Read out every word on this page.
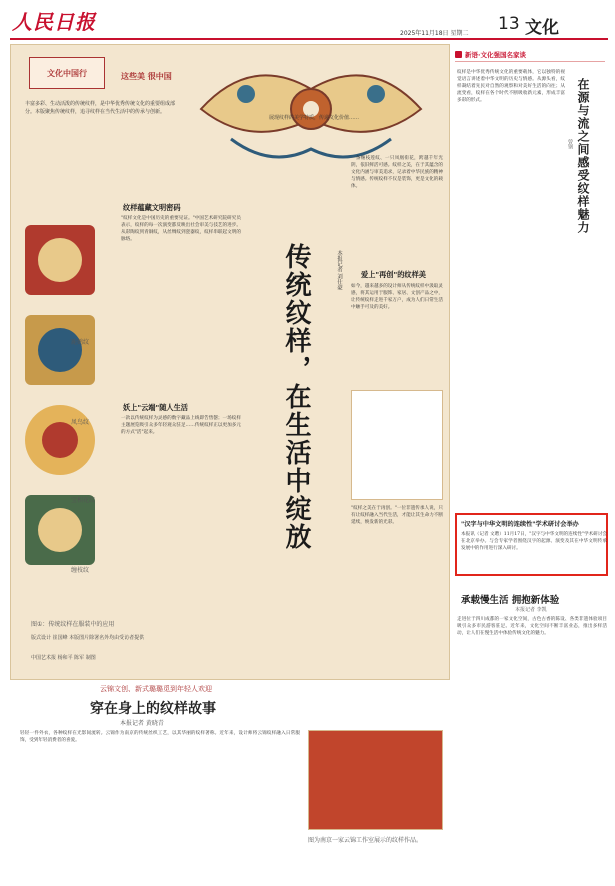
人民日报	2025年11月18日 星期二 13 文化
文化中国行	这些美 很中国
丰富多彩、生动活泼的传统纹样，是中华优秀传统文化的重要组成部分。本版聚焦传统纹样，追寻纹样在当代生活中的传承与创新。
展现纹样的美学特质，传递文化价值……
鹿鹤纹
凤鸟纹
宝相花纹
缠枝纹
纹样蕴藏文明密码
"纹样文化是中国历史的重要见证。"中国艺术研究院研究员表示，纹样的每一次演变都反映出社会审美与技艺的进步。从彩陶纹到青铜纹，从丝绸纹到瓷器纹，纹样串联起文明的脉络。
妖上"云端"随人生活
一款以传统纹样为灵感的数字藏品上线即告售罄；一场纹样主题展览吸引众多年轻观众驻足……传统纹样正以更加多元的方式"活"起来。	传统纹样，在生活中绽放	本报记者 刘仕豪
一条缠枝莲纹、一只凤凰衔花，跨越千年光阴，依旧鲜活可感。纹样之美，在于其蕴含的文化内涵与审美追求，记录着中华民族的精神与情感。传统纹样不仅是装饰，更是文化的载体。
爱上"再创"的纹样美
如今，越来越多的设计师从传统纹样中汲取灵感，将其运用于服饰、家居、文创产品之中，让传统纹样走进千家万户，成为人们日常生活中触手可及的美好。
"纹样之美在于再创。"一位非遗传承人说，只有让纹样融入当代生活，才能让其生命力不断延续，焕发新的光彩。
图①：传统纹样在服装中的应用
版式设计 崔国峰 本版图片除署名外均由受访者提供
中国艺术报 杨和平 陈军 制图
云锦文创、新式璐璐觅到年轻人欢迎
穿在身上的纹样故事
本报记者 黄晓青
轻轻一件外衣，各种纹样在光影间流转。云锦作为南京的传统丝织工艺，以其华丽的纹样著称。近年来，设计师将云锦纹样融入日常服饰，受到年轻消费者的喜爱。
图为南京一家云锦工作室展示的纹样作品。
新语·文化强国名家谈
在源与流之间感受纹样魅力
曾钢
纹样是中华优秀传统文化的重要载体，它以独特的视觉语言讲述着中华文明的历史与情感。从源头看，纹样凝结着先民对自然的观察和对美好生活的向往；从流变看，纹样在各个时代不断吸收新元素，形成丰富多彩的形式。
"汉字与中华文明的连续性"学术研讨会举办
本报讯（记者 文聘）11月17日，"汉字与中华文明的连续性"学术研讨会在北京举办。与会专家学者围绕汉字的起源、演变及其在中华文明传承发展中的作用进行深入研讨。
承载慢生活 拥抱新体验
本报记者 李凯
走进位于四川成都的一家文化空间，古色古香的陈设、各类非遗体验项目吸引众多市民游客驻足。近年来，文化空间不断丰富业态，推出多样活动，让人们在慢生活中体验传统文化的魅力。
